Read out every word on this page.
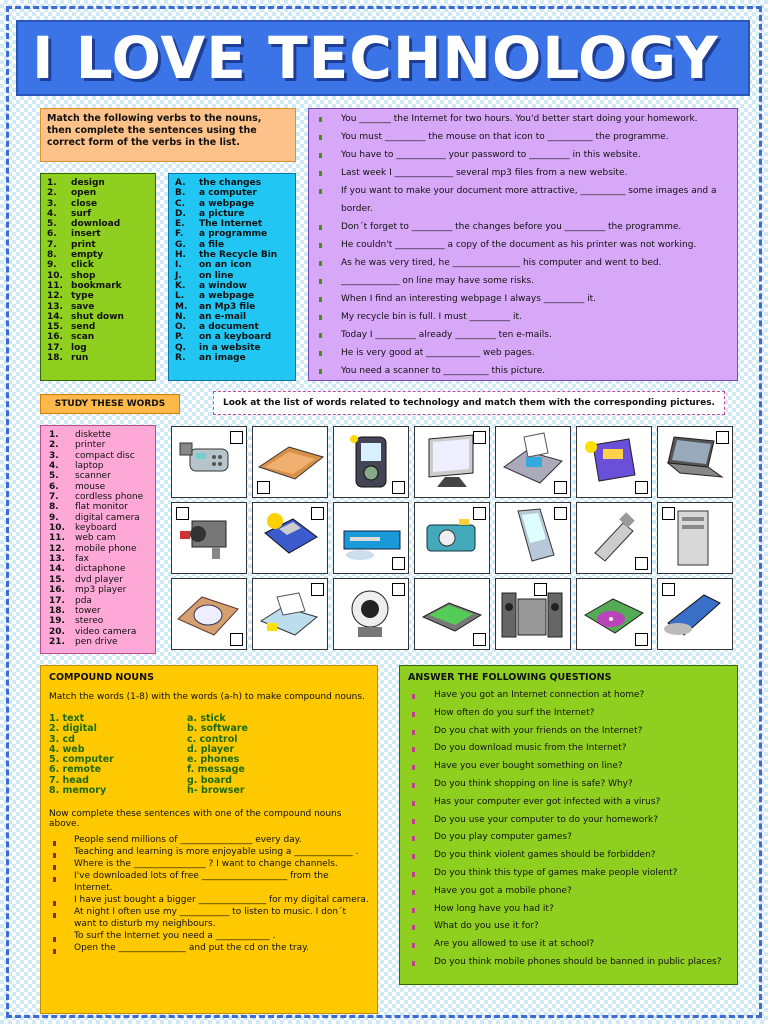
I LOVE TECHNOLOGY
Match the following verbs to the nouns, then complete the sentences using the correct form of the verbs in the list.
1.	design
2.	open
3.	close
4.	surf
5.	download
6.	insert
7.	print
8.	empty
9.	click
10. shop
11. bookmark
12. type
13. save
14. shut down
15. send
16. scan
17. log
18. run
A.	the changes
B.	a computer
C.	a webpage
D.	a picture
E.	The Internet
F.	a programme
G.	a file
H.	the Recycle Bin
I.	on an icon
J.	on line
K.	a window
L.	a webpage
M.	an Mp3 file
N.	an e-mail
O.	a document
P.	on a keyboard
Q.	in a website
R.	an image
You _______ the Internet for two hours. You'd better start doing your homework.
You must _________ the mouse on that icon to __________ the programme.
You have to ___________ your password to _________ in this website.
Last week I _____________ several mp3 files from a new website.
If you want to make your document more attractive, __________ some images and a border.
Don´t forget to _________ the changes before you _________ the programme.
He couldn't ___________ a copy of the document as his printer was not working.
As he was very tired, he _______________ his computer and went to bed.
_____________ on line may have some risks.
When I find an interesting webpage I always _________ it.
My recycle bin is full. I must _________ it.
Today I _________ already _________ ten e-mails.
He is very good at ____________ web pages.
You need a scanner to __________ this picture.
STUDY THESE WORDS	Look at the list of words related to technology and match them with the corresponding pictures.
1.	diskette
2.	printer
3.	compact disc
4.	laptop
5.	scanner
6.	mouse
7.	cordless phone
8.	flat monitor
9.	digital camera
10.	keyboard
11.	web cam
12.	mobile phone
13.	fax
14.	dictaphone
15.	dvd player
16.	mp3 player
17.	pda
18.	tower
19.	stereo
20.	video camera
21.	pen drive
COMPOUND NOUNS
Match the words (1-8) with the words (a-h) to make compound nouns.
1. text
2. digital
3. cd
4. web
5. computer
6. remote
7. head
8. memory
a. stick
b. software
c. control
d. player
e. phones
f. message
g. board
h- browser
Now complete these sentences with one of the compound nouns above.
People send millions of ________________ every day.
Teaching and learning is more enjoyable using a _____________ .
Where is the ________________ ? I want to change channels.
I've downloaded lots of free ___________________ from the Internet.
I have just bought a bigger _______________ for my digital camera.
At night I often use my ___________ to listen to music. I don´t want to disturb my neighbours.
To surf the Internet you need a ____________ .
Open the _______________ and put the cd on the tray.
ANSWER THE FOLLOWING QUESTIONS
Have you got an Internet connection at home?
How often do you surf the Internet?
Do you chat with your friends on the Internet?
Do you download music from the Internet?
Have you ever bought something on line?
Do you think shopping on line is safe? Why?
Has your computer ever got infected with a virus?
Do you use your computer to do your homework?
Do you play computer games?
Do you think violent games should be forbidden?
Do you think this type of games make people violent?
Have you got a mobile phone?
How long have you had it?
What do you use it for?
Are you allowed to use it at school?
Do you think mobile phones should be banned in public places?
